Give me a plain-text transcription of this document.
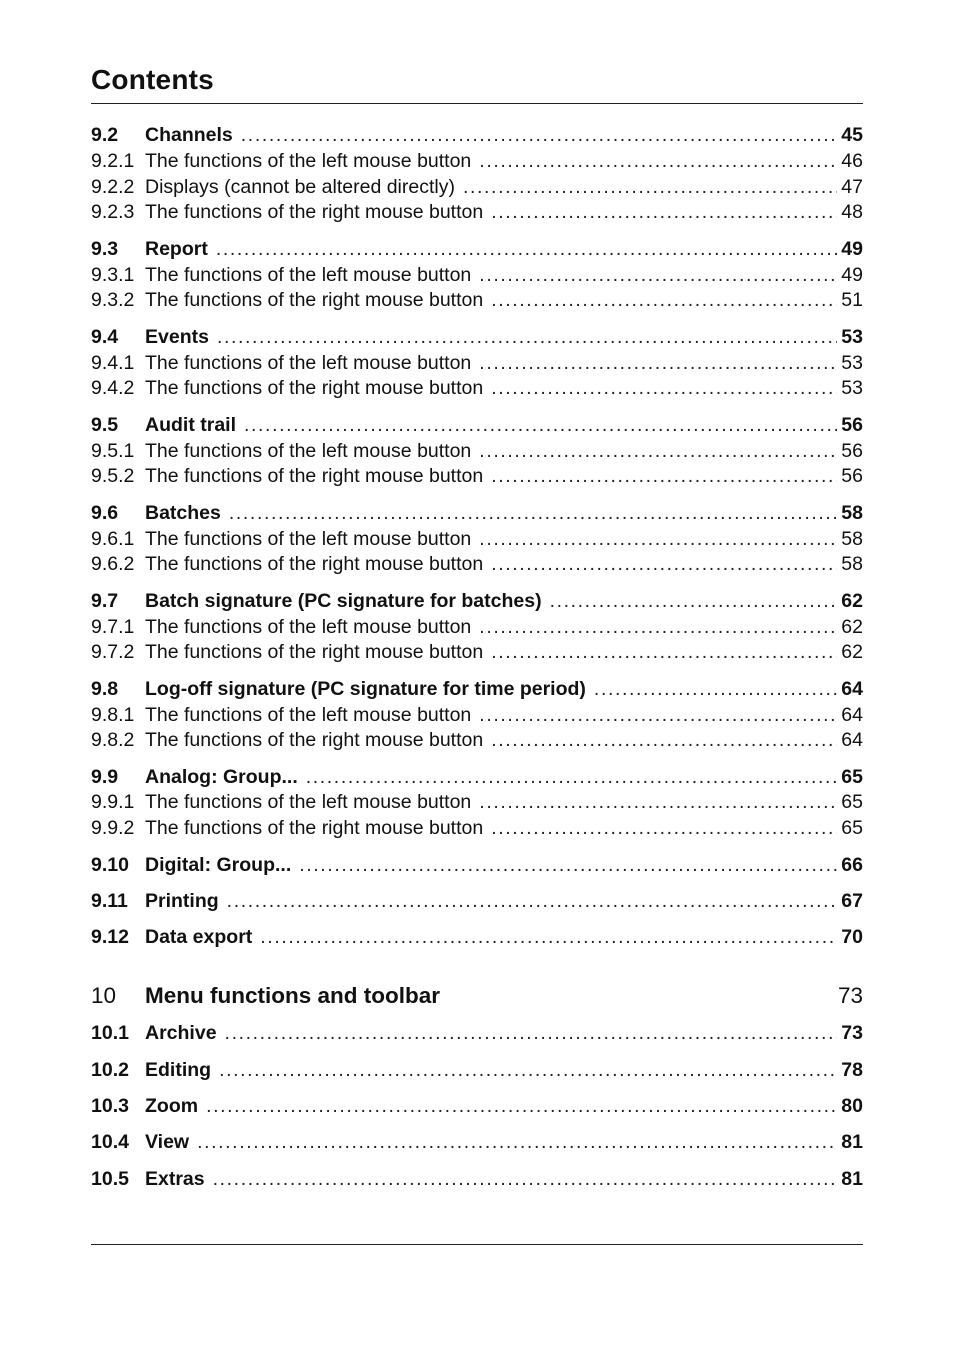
Contents
9.2	Channels .....	45
9.2.1 The functions of the left mouse button .....	46
9.2.2 Displays (cannot be altered directly) .....	47
9.2.3 The functions of the right mouse button .....	48
9.3	Report .....	49
9.3.1 The functions of the left mouse button .....	49
9.3.2 The functions of the right mouse button .....	51
9.4	Events .....	53
9.4.1 The functions of the left mouse button .....	53
9.4.2 The functions of the right mouse button .....	53
9.5	Audit trail .....	56
9.5.1 The functions of the left mouse button .....	56
9.5.2 The functions of the right mouse button .....	56
9.6	Batches .....	58
9.6.1 The functions of the left mouse button .....	58
9.6.2 The functions of the right mouse button .....	58
9.7	Batch signature (PC signature for batches) .....	62
9.7.1 The functions of the left mouse button .....	62
9.7.2 The functions of the right mouse button .....	62
9.8	Log-off signature (PC signature for time period) .....	64
9.8.1 The functions of the left mouse button .....	64
9.8.2 The functions of the right mouse button .....	64
9.9	Analog: Group... .....	65
9.9.1 The functions of the left mouse button .....	65
9.9.2 The functions of the right mouse button .....	65
9.10 Digital: Group... .....	66
9.11 Printing .....	67
9.12 Data export .....	70
10	Menu functions and toolbar	73
10.1 Archive .....	73
10.2 Editing .....	78
10.3 Zoom .....	80
10.4 View .....	81
10.5 Extras .....	81
